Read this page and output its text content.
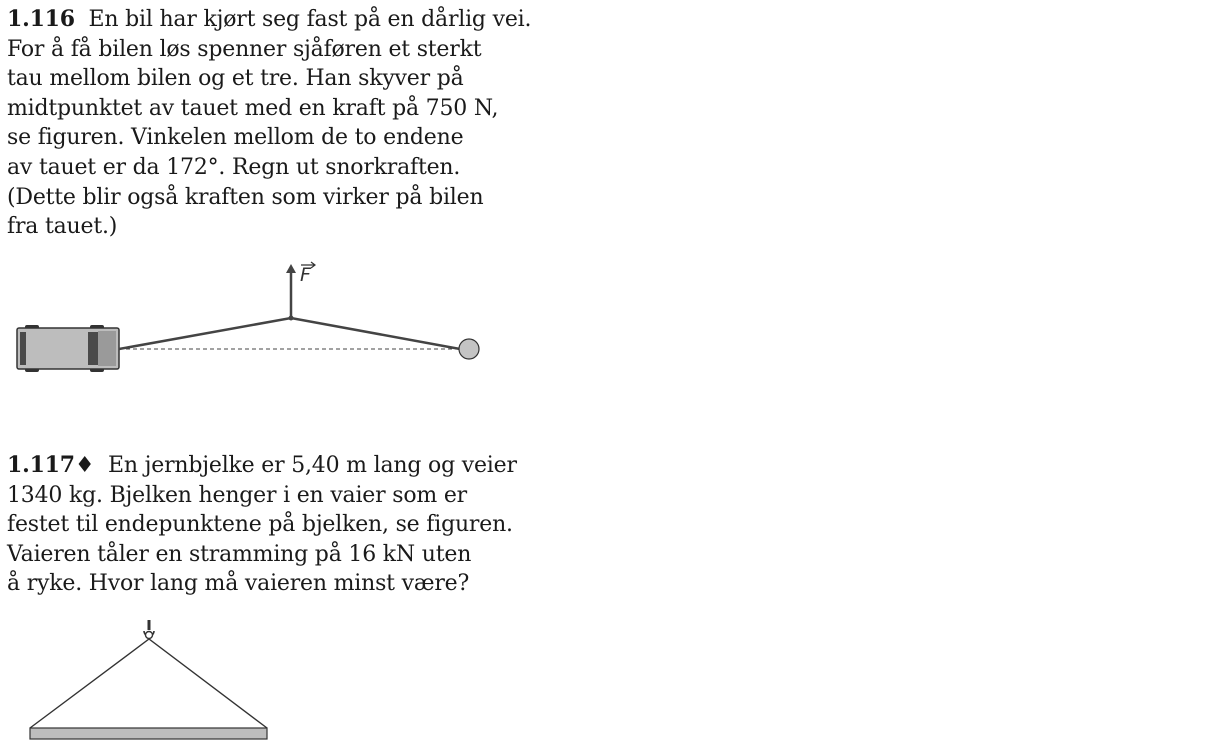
1.116 En bil har kjørt seg fast på en dårlig vei.
For å få bilen løs spenner sjåføren et sterkt
tau mellom bilen og et tre. Han skyver på
midtpunktet av tauet med en kraft på 750 N,
se figuren. Vinkelen mellom de to endene
av tauet er da 172°. Regn ut snorkraften.
(Dette blir også kraften som virker på bilen
fra tauet.)
F
1.117♦ En jernbjelke er 5,40 m lang og veier
1340 kg. Bjelken henger i en vaier som er
festet til endepunktene på bjelken, se figuren.
Vaieren tåler en stramming på 16 kN uten
å ryke. Hvor lang må vaieren minst være?
